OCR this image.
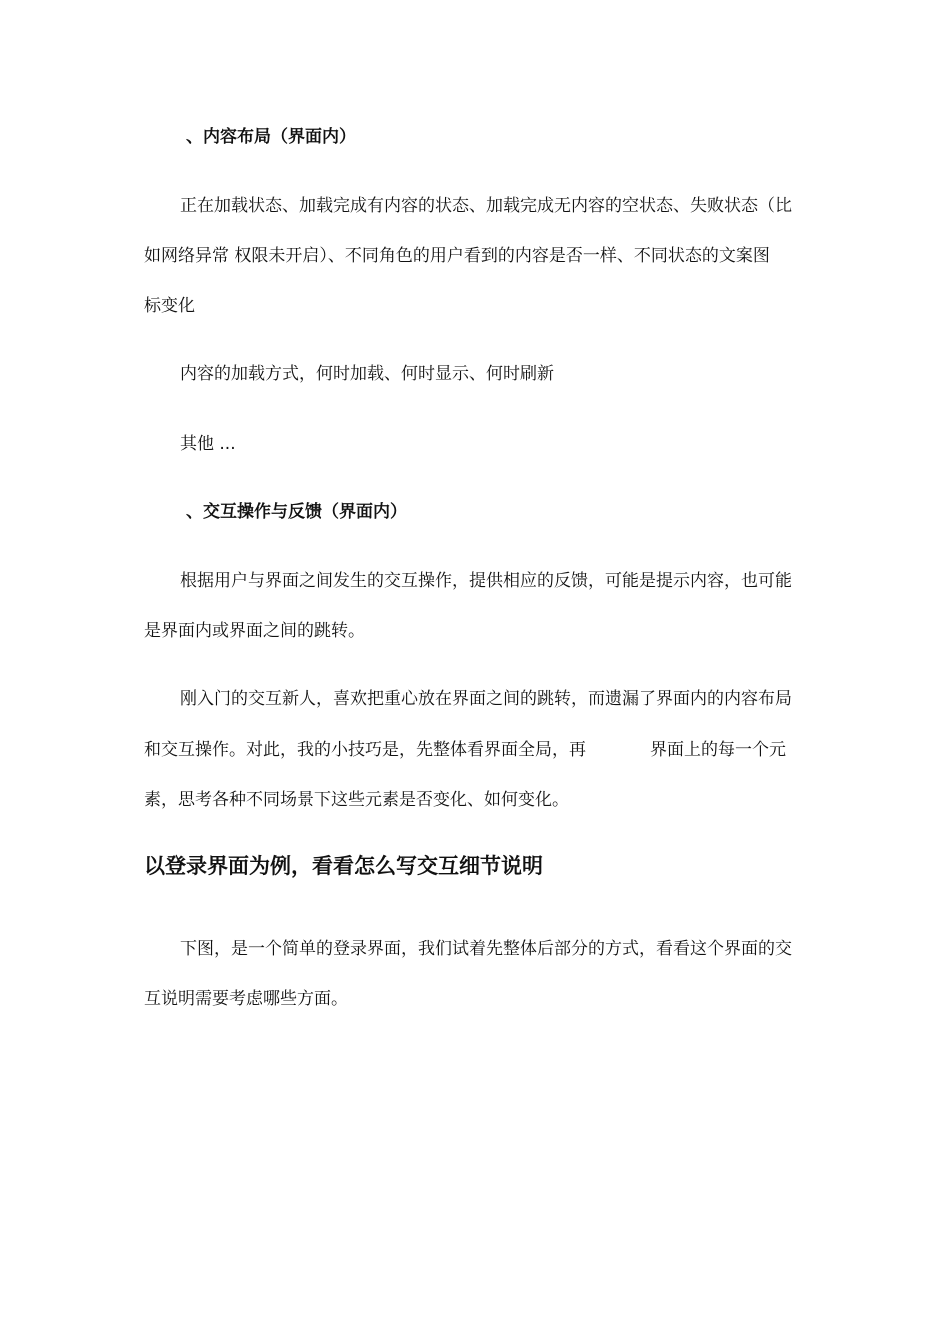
、内容布局（界面内）
正在加载状态、加载完成有内容的状态、加载完成无内容的空状态、失败状态（比
如网络异常 权限未开启）、不同角色的用户看到的内容是否一样、不同状态的文案图
标变化
内容的加载方式，何时加载、何时显示、何时刷新
其他 ...
、交互操作与反馈（界面内）
根据用户与界面之间发生的交互操作，提供相应的反馈，可能是提示内容，也可能
是界面内或界面之间的跳转。
刚入门的交互新人，喜欢把重心放在界面之间的跳转，而遗漏了界面内的内容布局
和交互操作。对此，我的小技巧是，先整体看界面全局，再	界面上的每一个元
素，思考各种不同场景下这些元素是否变化、如何变化。
以登录界面为例，看看怎么写交互细节说明
下图，是一个简单的登录界面，我们试着先整体后部分的方式，看看这个界面的交
互说明需要考虑哪些方面。
